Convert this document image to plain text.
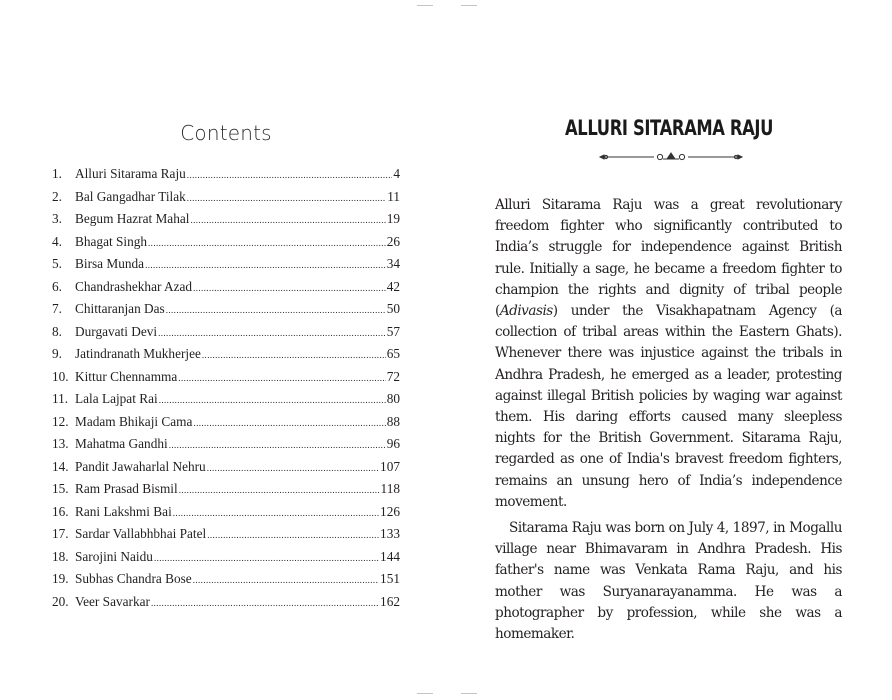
Contents
1. Alluri Sitarama Raju .....	4
2. Bal Gangadhar Tilak .....	11
3. Begum Hazrat Mahal .....	19
4. Bhagat Singh .....	26
5. Birsa Munda .....	34
6. Chandrashekhar Azad .....	42
7. Chittaranjan Das .....	50
8. Durgavati Devi .....	57
9. Jatindranath Mukherjee .....	65
10. Kittur Chennamma .....	72
11. Lala Lajpat Rai .....	80
12. Madam Bhikaji Cama .....	88
13. Mahatma Gandhi .....	96
14. Pandit Jawaharlal Nehru .....	107
15. Ram Prasad Bismil .....	118
16. Rani Lakshmi Bai .....	126
17. Sardar Vallabhbhai Patel .....	133
18. Sarojini Naidu .....	144
19. Subhas Chandra Bose .....	151
20. Veer Savarkar .....	162
ALLURI SITARAMA RAJU

Alluri Sitarama Raju was a great revolutionary freedom fighter who significantly contributed to India’s struggle for independence against British rule. Initially a sage, he became a freedom fighter to champion the rights and dignity of tribal people (Adivasis) under the Visakhapatnam Agency (a collection of tribal areas within the Eastern Ghats). Whenever there was injustice against the tribals in Andhra Pradesh, he emerged as a leader, protesting against illegal British policies by waging war against them. His daring efforts caused many sleepless nights for the British Government. Sitarama Raju, regarded as one of India's bravest freedom fighters, remains an unsung hero of India’s independence movement.

Sitarama Raju was born on July 4, 1897, in Mogallu village near Bhimavaram in Andhra Pradesh. His father's name was Venkata Rama Raju, and his mother was Suryanarayanamma. He was a photographer by profession, while she was a homemaker.
